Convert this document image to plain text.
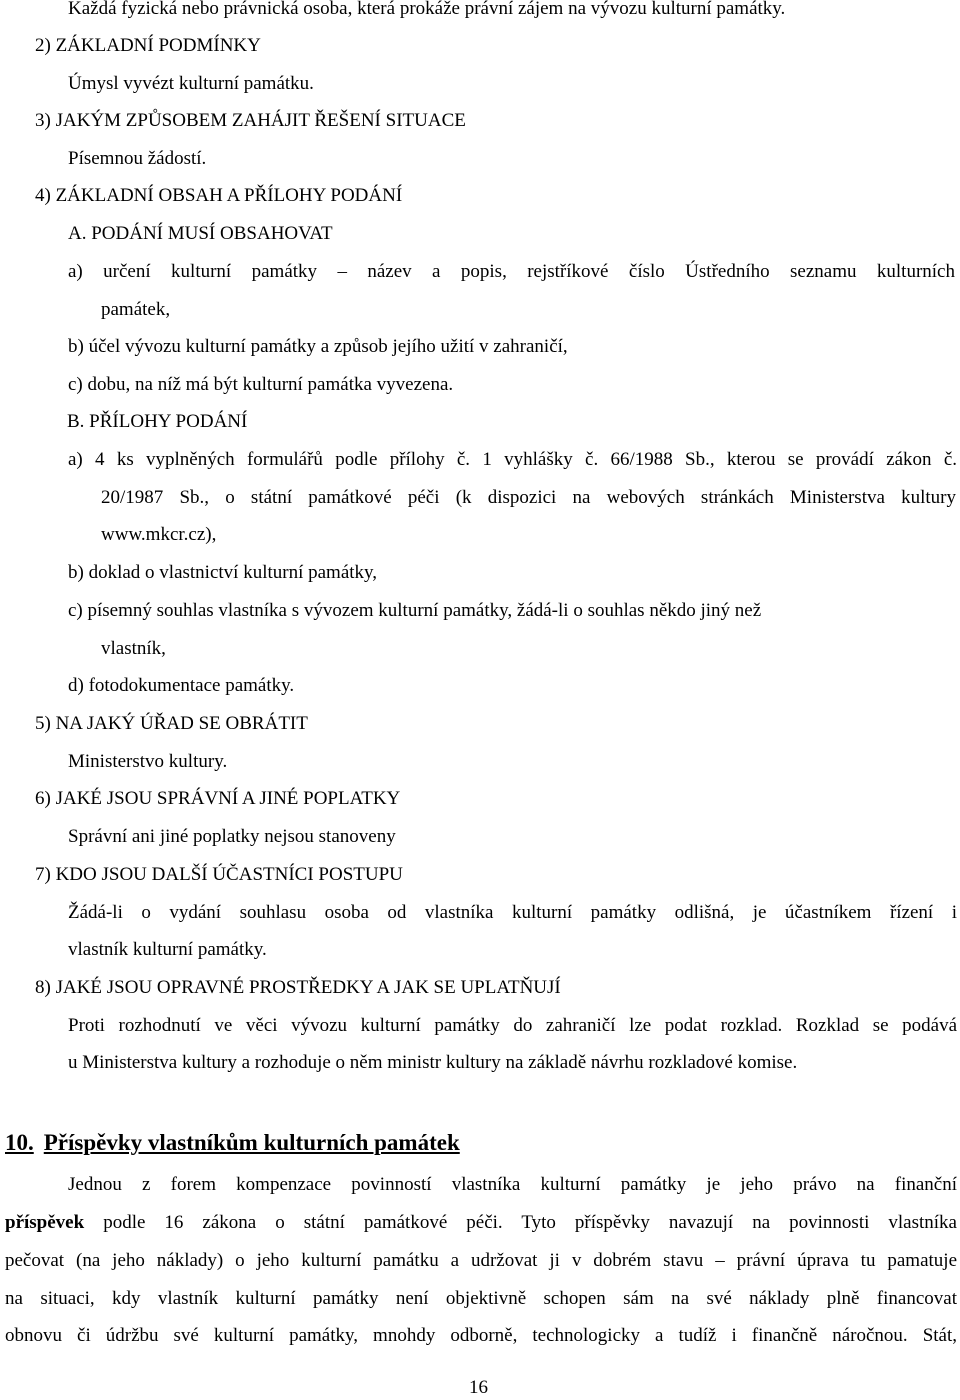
Každá fyzická nebo právnická osoba, která prokáže právní zájem na vývozu kulturní památky.
2) ZÁKLADNÍ PODMÍNKY
Úmysl vyvézt kulturní památku.
3) JAKÝM ZPŮSOBEM ZAHÁJIT ŘEŠENÍ SITUACE
Písemnou žádostí.
4) ZÁKLADNÍ OBSAH A PŘÍLOHY PODÁNÍ
A. PODÁNÍ MUSÍ OBSAHOVAT
a) určení kulturní památky – název a popis, rejstříkové číslo Ústředního seznamu kulturních
památek,
b) účel vývozu kulturní památky a způsob jejího užití v zahraničí,
c) dobu, na níž má být kulturní památka vyvezena.
B. PŘÍLOHY PODÁNÍ
a) 4 ks vyplněných formulářů podle přílohy č. 1 vyhlášky č. 66/1988 Sb., kterou se provádí zákon č.
20/1987 Sb., o státní památkové péči (k dispozici na webových stránkách Ministerstva kultury
www.mkcr.cz),
b) doklad o vlastnictví kulturní památky,
c) písemný souhlas vlastníka s vývozem kulturní památky, žádá-li o souhlas někdo jiný než
vlastník,
d) fotodokumentace památky.
5) NA JAKÝ ÚŘAD SE OBRÁTIT
Ministerstvo kultury.
6) JAKÉ JSOU SPRÁVNÍ A JINÉ POPLATKY
Správní ani jiné poplatky nejsou stanoveny
7) KDO JSOU DALŠÍ ÚČASTNÍCI POSTUPU
Žádá-li o vydání souhlasu osoba od vlastníka kulturní památky odlišná, je účastníkem řízení i
vlastník kulturní památky.
8) JAKÉ JSOU OPRAVNÉ PROSTŘEDKY A JAK SE UPLATŇUJÍ
Proti rozhodnutí ve věci vývozu kulturní památky do zahraničí lze podat rozklad. Rozklad se podává
u Ministerstva kultury a rozhoduje o něm ministr kultury na základě návrhu rozkladové komise.
10. Příspěvky vlastníkům kulturních památek
Jednou z forem kompenzace povinností vlastníka kulturní památky je jeho právo na finanční
příspěvek podle 16 zákona o státní památkové péči. Tyto příspěvky navazují na povinnosti vlastníka
pečovat (na jeho náklady) o jeho kulturní památku a udržovat ji v dobrém stavu – právní úprava tu pamatuje
na situaci, kdy vlastník kulturní památky není objektivně schopen sám na své náklady plně financovat
obnovu či údržbu své kulturní památky, mnohdy odborně, technologicky a tudíž i finančně náročnou. Stát,
16
